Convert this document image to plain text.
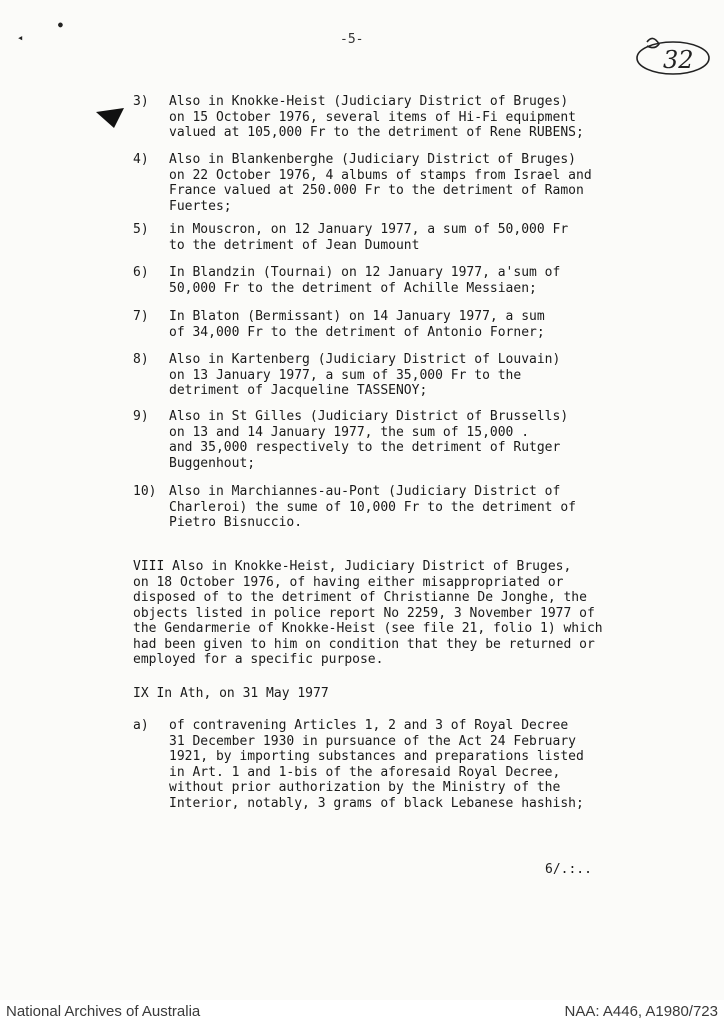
●
◀	-5-
32

3) Also in Knokke-Heist (Judiciary District of Bruges)
on 15 October 1976, several items of Hi-Fi equipment
valued at 105,000 Fr to the detriment of Rene RUBENS;

4) Also in Blankenberghe (Judiciary District of Bruges)
on 22 October 1976, 4 albums of stamps from Israel and
France valued at 250.000 Fr to the detriment of Ramon
Fuertes;

5) in Mouscron, on 12 January 1977, a sum of 50,000 Fr
to the detriment of Jean Dumount

6) In Blandzin (Tournai) on 12 January 1977, a'sum of
50,000 Fr to the detriment of Achille Messiaen;

7) In Blaton (Bermissant) on 14 January 1977, a sum
of 34,000 Fr to the detriment of Antonio Forner;

8) Also in Kartenberg (Judiciary District of Louvain)
on 13 January 1977, a sum of 35,000 Fr to the
detriment of Jacqueline TASSENOY;

9) Also in St Gilles (Judiciary District of Brussells)
on 13 and 14 January 1977, the sum of 15,000 .
and 35,000 respectively to the detriment of Rutger
Buggenhout;

10) Also in Marchiannes-au-Pont (Judiciary District of
Charleroi) the sume of 10,000 Fr to the detriment of
Pietro Bisnuccio.

VIII Also in Knokke-Heist, Judiciary District of Bruges,
on 18 October 1976, of having either misappropriated or
disposed of to the detriment of Christianne De Jonghe, the
objects listed in police report No 2259, 3 November 1977 of
the Gendarmerie of Knokke-Heist (see file 21, folio 1) which
had been given to him on condition that they be returned or
employed for a specific purpose.
IX In Ath, on 31 May 1977

a) of contravening Articles 1, 2 and 3 of Royal Decree
31 December 1930 in pursuance of the Act 24 February
1921, by importing substances and preparations listed
in Art. 1 and 1-bis of the aforesaid Royal Decree,
without prior authorization by the Ministry of the
Interior, notably, 3 grams of black Lebanese hashish;

6/.:..
National Archives of Australia	NAA: A446, A1980/723
